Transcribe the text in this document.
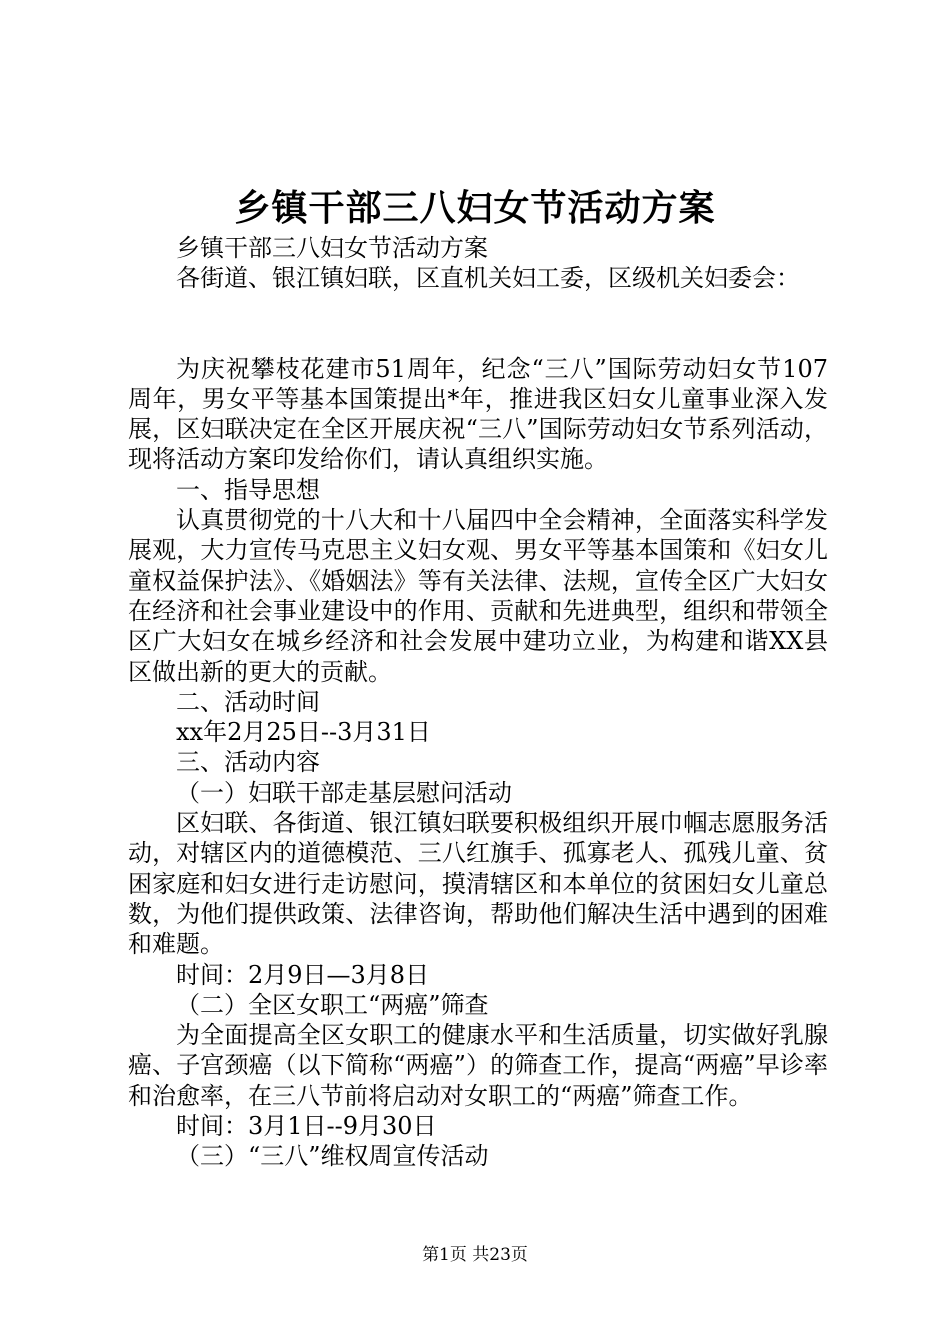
乡镇干部三八妇女节活动方案

乡镇干部三八妇女节活动方案

各街道、银江镇妇联，区直机关妇工委，区级机关妇委会：

为庆祝攀枝花建市51周年，纪念“三八”国际劳动妇女节107周年，男女平等基本国策提出*年，推进我区妇女儿童事业深入发展，区妇联决定在全区开展庆祝“三八”国际劳动妇女节系列活动，现将活动方案印发给你们，请认真组织实施。

一、指导思想

认真贯彻党的十八大和十八届四中全会精神，全面落实科学发展观，大力宣传马克思主义妇女观、男女平等基本国策和《妇女儿童权益保护法》、《婚姻法》等有关法律、法规，宣传全区广大妇女在经济和社会事业建设中的作用、贡献和先进典型，组织和带领全区广大妇女在城乡经济和社会发展中建功立业，为构建和谐XX县区做出新的更大的贡献。

二、活动时间

xx年2月25日--3月31日

三、活动内容

（一）妇联干部走基层慰问活动

区妇联、各街道、银江镇妇联要积极组织开展巾帼志愿服务活动，对辖区内的道德模范、三八红旗手、孤寡老人、孤残儿童、贫困家庭和妇女进行走访慰问，摸清辖区和本单位的贫困妇女儿童总数，为他们提供政策、法律咨询，帮助他们解决生活中遇到的困难和难题。

时间：2月9日—3月8日

（二）全区女职工“两癌”筛查

为全面提高全区女职工的健康水平和生活质量，切实做好乳腺癌、子宫颈癌（以下简称“两癌”）的筛查工作，提高“两癌”早诊率和治愈率，在三八节前将启动对女职工的“两癌”筛查工作。

时间：3月1日--9月30日

（三）“三八”维权周宣传活动

第1页 共23页
